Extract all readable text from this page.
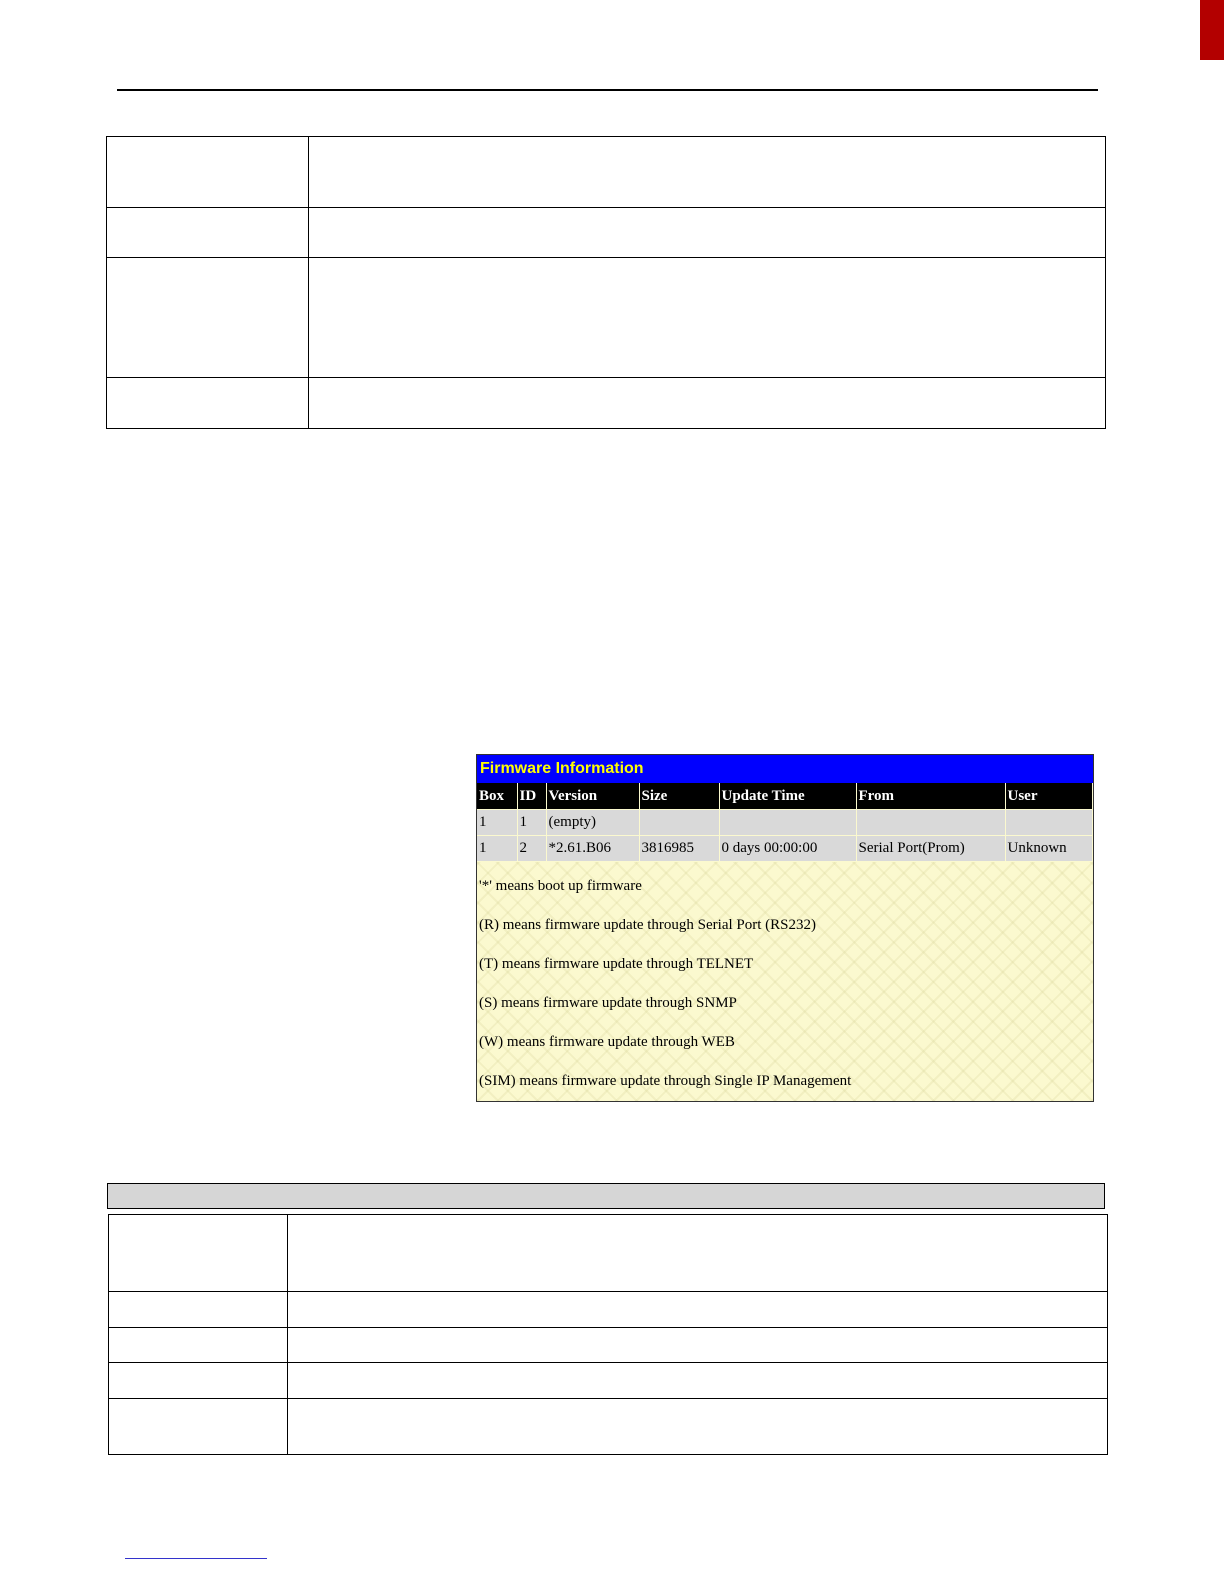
Firmware Information
Box	ID	Version	Size	Update Time	From	User
1	1	(empty)				
1	2	*2.61.B06	3816985	0 days 00:00:00	Serial Port(Prom)	Unknown
'*' means boot up firmware
(R) means firmware update through Serial Port (RS232)
(T) means firmware update through TELNET
(S) means firmware update through SNMP
(W) means firmware update through WEB
(SIM) means firmware update through Single IP Management
